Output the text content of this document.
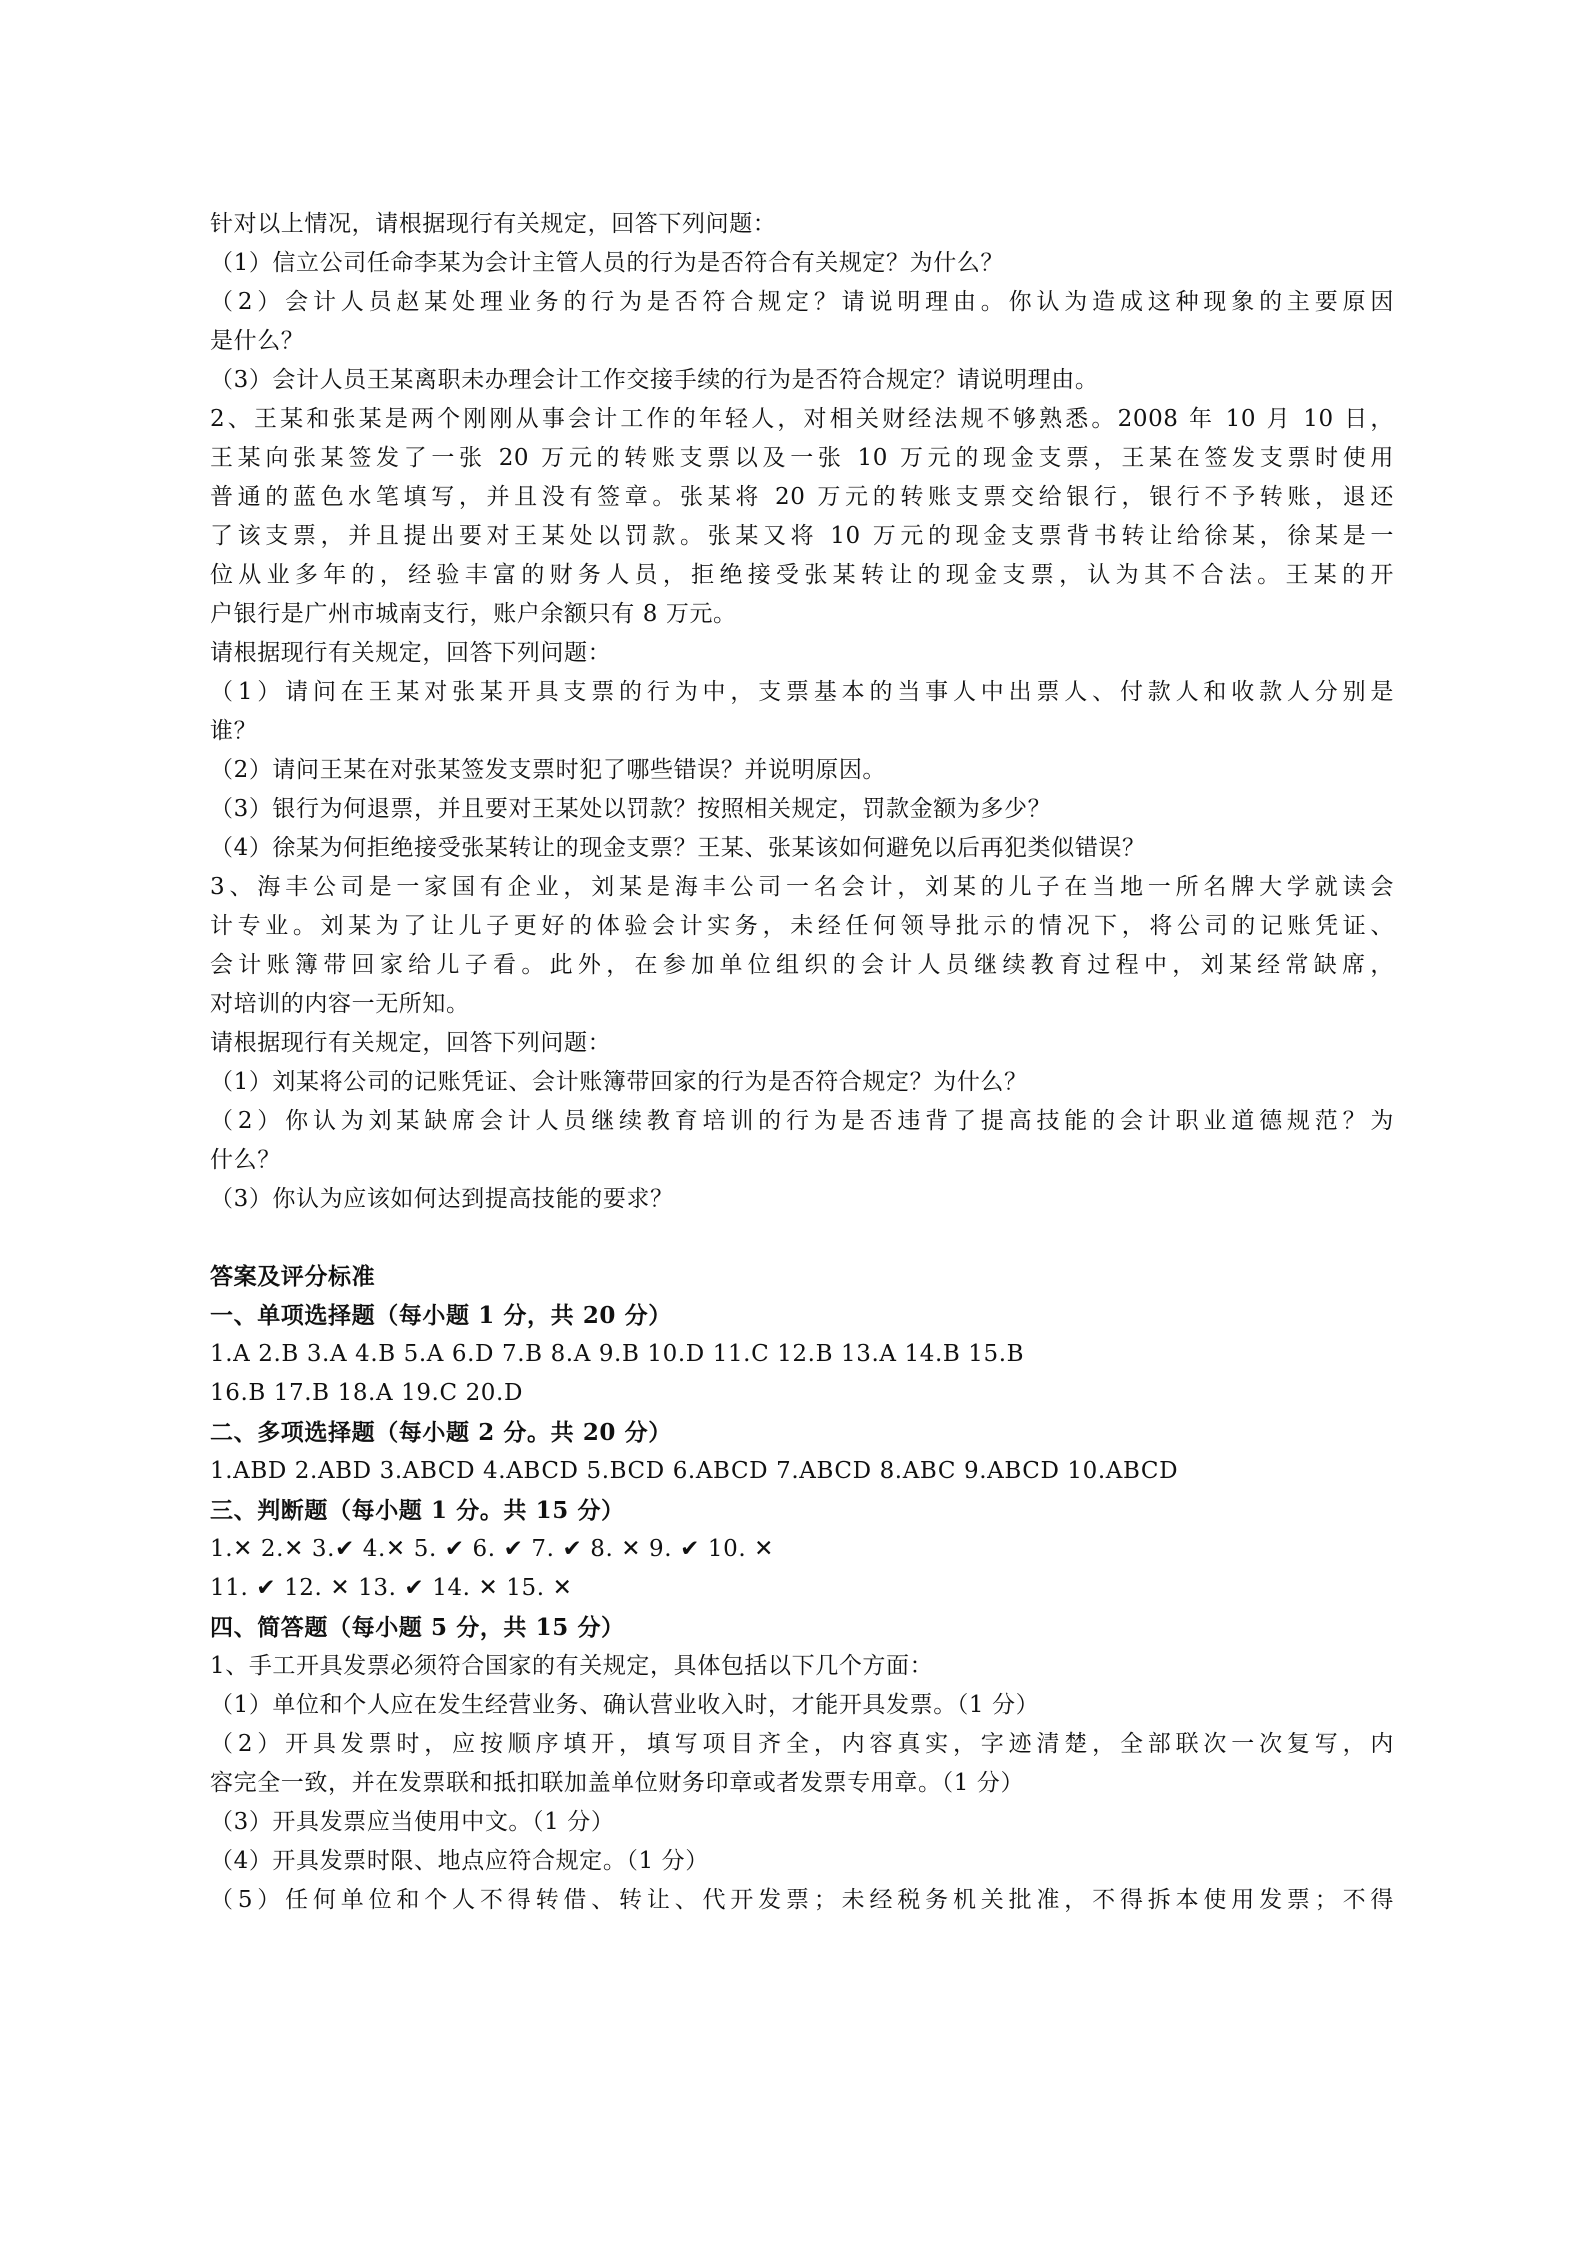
针对以上情况，请根据现行有关规定，回答下列问题：
（1）信立公司任命李某为会计主管人员的行为是否符合有关规定？为什么？
（2）会计人员赵某处理业务的行为是否符合规定？请说明理由。你认为造成这种现象的主要原因
是什么？
（3）会计人员王某离职未办理会计工作交接手续的行为是否符合规定？请说明理由。
2、王某和张某是两个刚刚从事会计工作的年轻人，对相关财经法规不够熟悉。2008 年 10 月 10 日，
王某向张某签发了一张 20 万元的转账支票以及一张 10 万元的现金支票，王某在签发支票时使用
普通的蓝色水笔填写，并且没有签章。张某将 20 万元的转账支票交给银行，银行不予转账，退还
了该支票，并且提出要对王某处以罚款。张某又将 10 万元的现金支票背书转让给徐某，徐某是一
位从业多年的，经验丰富的财务人员，拒绝接受张某转让的现金支票，认为其不合法。王某的开
户银行是广州市城南支行，账户余额只有 8 万元。
请根据现行有关规定，回答下列问题：
（1）请问在王某对张某开具支票的行为中，支票基本的当事人中出票人、付款人和收款人分别是
谁？
（2）请问王某在对张某签发支票时犯了哪些错误？并说明原因。
（3）银行为何退票，并且要对王某处以罚款？按照相关规定，罚款金额为多少？
（4）徐某为何拒绝接受张某转让的现金支票？王某、张某该如何避免以后再犯类似错误？
3、海丰公司是一家国有企业，刘某是海丰公司一名会计，刘某的儿子在当地一所名牌大学就读会
计专业。刘某为了让儿子更好的体验会计实务，未经任何领导批示的情况下，将公司的记账凭证、
会计账簿带回家给儿子看。此外，在参加单位组织的会计人员继续教育过程中，刘某经常缺席，
对培训的内容一无所知。
请根据现行有关规定，回答下列问题：
（1）刘某将公司的记账凭证、会计账簿带回家的行为是否符合规定？为什么？
（2）你认为刘某缺席会计人员继续教育培训的行为是否违背了提高技能的会计职业道德规范？为
什么？
（3）你认为应该如何达到提高技能的要求？
答案及评分标准
一、单项选择题（每小题 1 分，共 20 分）
1.A 2.B 3.A 4.B 5.A 6.D 7.B 8.A 9.B 10.D 11.C 12.B 13.A 14.B 15.B
16.B 17.B 18.A 19.C 20.D
二、多项选择题（每小题 2 分。共 20 分）
1.ABD 2.ABD 3.ABCD 4.ABCD 5.BCD 6.ABCD 7.ABCD 8.ABC 9.ABCD 10.ABCD
三、判断题（每小题 1 分。共 15 分）
1.✕ 2.✕ 3.✔ 4.✕ 5. ✔ 6. ✔ 7. ✔ 8. ✕ 9. ✔ 10. ✕
11. ✔ 12. ✕ 13. ✔ 14. ✕ 15. ✕
四、简答题（每小题 5 分，共 15 分）
1、手工开具发票必须符合国家的有关规定，具体包括以下几个方面：
（1）单位和个人应在发生经营业务、确认营业收入时，才能开具发票。（1 分）
（2）开具发票时，应按顺序填开，填写项目齐全，内容真实，字迹清楚，全部联次一次复写，内
容完全一致，并在发票联和抵扣联加盖单位财务印章或者发票专用章。（1 分）
（3）开具发票应当使用中文。（1 分）
（4）开具发票时限、地点应符合规定。（1 分）
（5）任何单位和个人不得转借、转让、代开发票；未经税务机关批准，不得拆本使用发票；不得
